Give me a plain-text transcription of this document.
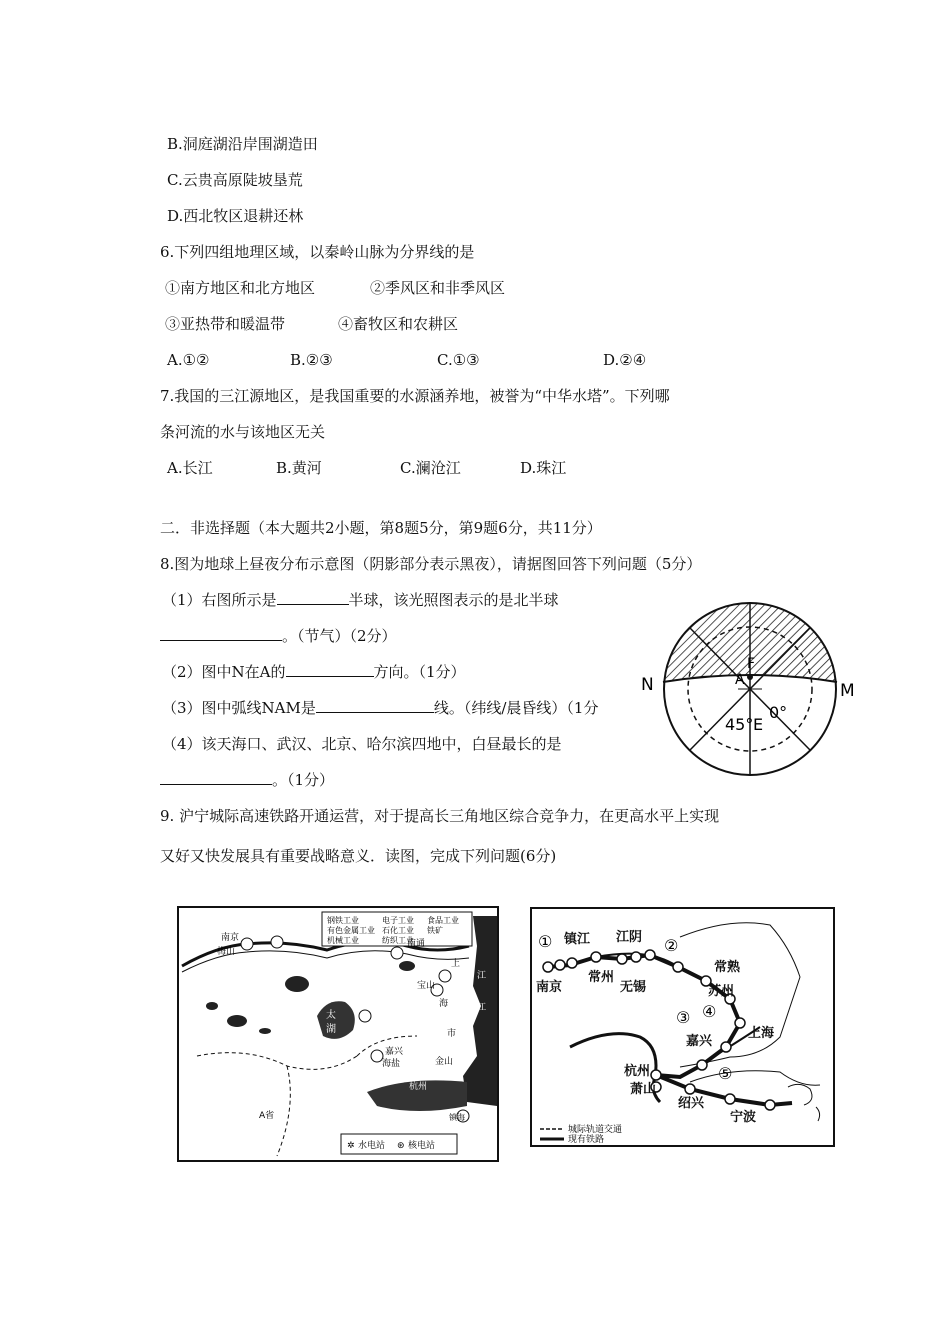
B.洞庭湖沿岸围湖造田
C.云贵高原陡坡垦荒
D.西北牧区退耕还林
6.下列四组地理区域，以秦岭山脉为分界线的是
①南方地区和北方地区	②季风区和非季风区
③亚热带和暖温带	④畜牧区和农耕区
A.①②	B.②③	C.①③	D.②④
7.我国的三江源地区，是我国重要的水源涵养地，被誉为“中华水塔”。下列哪
条河流的水与该地区无关
A.长江	B.黄河	C.澜沧江	D.珠江
二．非选择题（本大题共2小题，第8题5分，第9题6分，共11分）
8.图为地球上昼夜分布示意图（阴影部分表示黑夜），请据图回答下列问题（5分）
（1）右图所示是	半球，该光照图表示的是北半球
。（节气）（2分）
（2）图中N在A的	方向。（1分）
（3）图中弧线NAM是	线。（纬线/晨昏线）（1分
（4）该天海口、武汉、北京、哈尔滨四地中，白昼最长的是
。（1分）
N	M
A
F
45° E
0°
9. 沪宁城际高速铁路开通运营，对于提高长三角地区综合竞争力，在更高水平上实现
又好又快发展具有重要战略意义．读图，完成下列问题(6分)
太
湖
钢铁工业	电子工业 食品工业
有色金属工业 石化工业 铁矿
机械工业	纺织工业
南京
梅山
南通
上
海
市
宝山
金山
嘉兴
海盐
杭州
镇海
A省
江
江
✲ 水电站 ⊛ 核电站
①	②
③ ④
⑤
镇江 江阴
南京
常州
无锡
常熟
苏州
上海
嘉兴
杭州
萧山
绍兴
宁波
城际轨道交通
现有铁路
